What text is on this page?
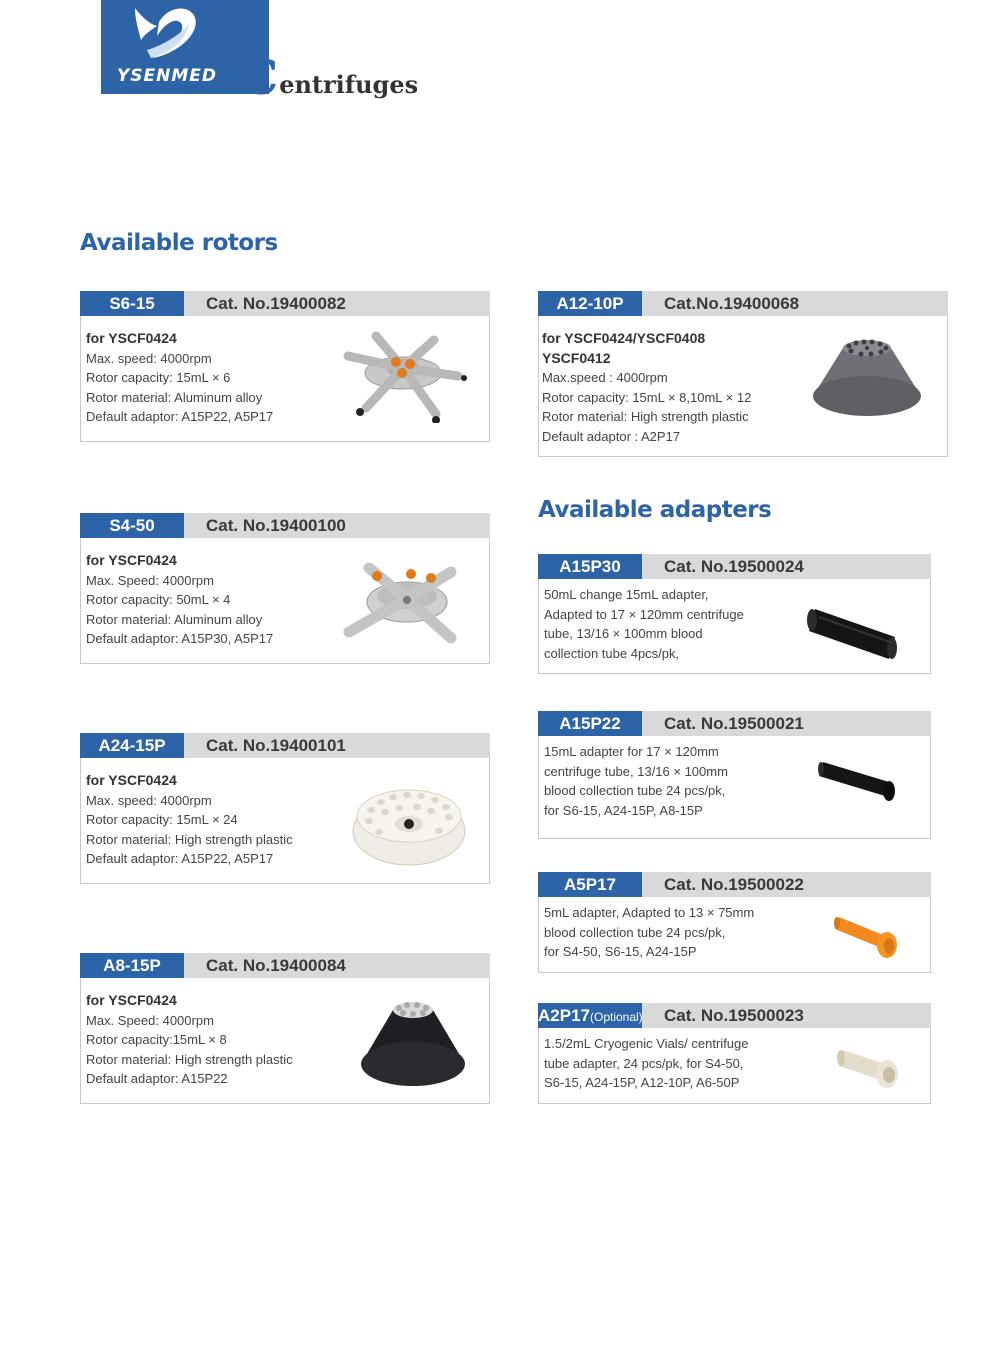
YSENMED C entrifuges
Available rotors
Available adapters
S6-15	Cat. No.19400082
for YSCF0424
Max. speed: 4000rpm
Rotor capacity: 15mL × 6
Rotor material: Aluminum alloy
Default adaptor: A15P22, A5P17
S4-50	Cat. No.19400100
for YSCF0424
Max. Speed: 4000rpm
Rotor capacity: 50mL × 4
Rotor material: Aluminum alloy
Default adaptor: A15P30, A5P17
A24-15P	Cat. No.19400101
for YSCF0424
Max. speed: 4000rpm
Rotor capacity: 15mL × 24
Rotor material: High strength plastic
Default adaptor: A15P22, A5P17
A8-15P	Cat. No.19400084
for YSCF0424
Max. Speed: 4000rpm
Rotor capacity:15mL × 8
Rotor material: High strength plastic
Default adaptor: A15P22
A12-10P	Cat.No.19400068
for YSCF0424/YSCF0408
YSCF0412
Max.speed : 4000rpm
Rotor capacity: 15mL × 8,10mL × 12
Rotor material: High strength plastic
Default adaptor : A2P17
A15P30	Cat. No.19500024
50mL change 15mL adapter,
Adapted to 17 × 120mm centrifuge
tube, 13/16 × 100mm blood
collection tube 4pcs/pk,
A15P22	Cat. No.19500021
15mL adapter for 17 × 120mm
centrifuge tube, 13/16 × 100mm
blood collection tube 24 pcs/pk,
for S6-15, A24-15P, A8-15P
A5P17	Cat. No.19500022
5mL adapter, Adapted to 13 × 75mm
blood collection tube 24 pcs/pk,
for S4-50, S6-15, A24-15P
A2P17(Optional) Cat. No.19500023
1.5/2mL Cryogenic Vials/ centrifuge
tube adapter, 24 pcs/pk, for S4-50,
S6-15, A24-15P, A12-10P, A6-50P
